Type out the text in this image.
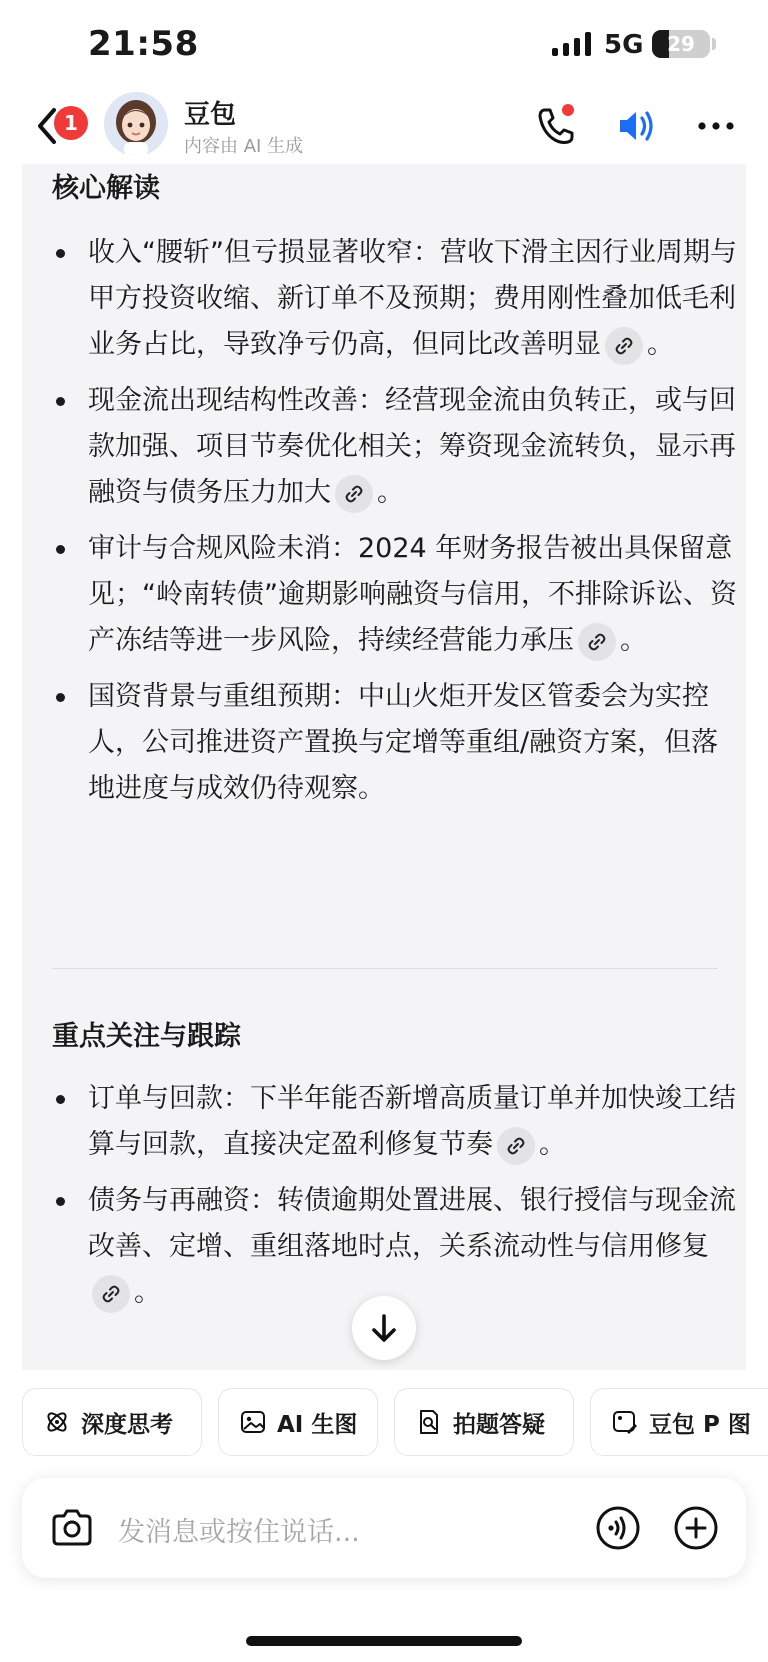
21:58	5G	29
1	豆包
内容由 AI 生成
核心解读
收入“腰斩”但亏损显著收窄：营收下滑主因行业周期与甲方投资收缩、新订单不及预期；费用刚性叠加低毛利业务占比，导致净亏仍高，但同比改善明显 。
现金流出现结构性改善：经营现金流由负转正，或与回款加强、项目节奏优化相关；筹资现金流转负，显示再融资与债务压力加大 。
审计与合规风险未消：2024 年财务报告被出具保留意见；“岭南转债”逾期影响融资与信用，不排除诉讼、资产冻结等进一步风险，持续经营能力承压 。
国资背景与重组预期：中山火炬开发区管委会为实控人，公司推进资产置换与定增等重组/融资方案，但落地进度与成效仍待观察。
重点关注与跟踪
订单与回款：下半年能否新增高质量订单并加快竣工结算与回款，直接决定盈利修复节奏 。
债务与再融资：转债逾期处置进展、银行授信与现金流改善、定增、重组落地时点，关系流动性与信用修复
。
深度思考	AI 生图	拍题答疑	豆包 P 图
发消息或按住说话...
